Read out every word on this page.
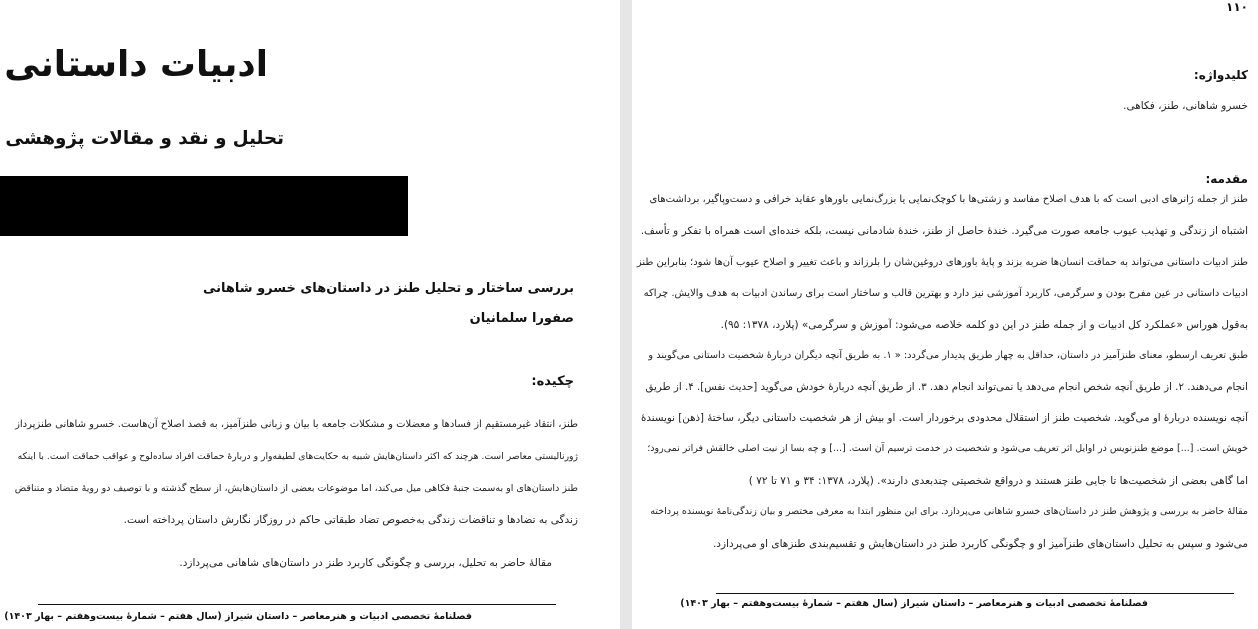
ادبیات داستانی
تحلیل و نقد و مقالات پژوهشی
بررسی ساختار و تحلیل طنز در داستان‌های خسرو شاهانی
صفورا سلمانیان
چکیده:
طنز، انتقاد غیرمستقیم از فسادها و معضلات و مشکلات جامعه با بیان و زبانی طنزآمیز، به قصد اصلاح آن‌هاست. خسرو شاهانی طنزپرداز
ژورنالیستی معاصر است. هرچند که اکثر داستان‌هایش شبیه به حکایت‌های لطیفه‌وار و دربارهٔ حماقت افراد ساده‌لوح و عواقب حماقت است. با اینکه
طنز داستان‌های او به‌سمت جنبهٔ فکاهی میل می‌کند، اما موضوعات بعضی از داستان‌هایش، از سطح گذشته و با توصیف دو رویهٔ متضاد و متناقض
زندگی به تضادها و تناقضات زندگی به‌خصوص تضاد طبقاتی حاکم در روزگار نگارش داستان پرداخته است.
مقالهٔ حاضر به تحلیل، بررسی و چگونگی کاربرد طنز در داستان‌های شاهانی می‌پردازد.
فصلنامهٔ تخصصی ادبیات و هنرمعاصر – داستان شیراز (سال هفتم – شمارهٔ بیست‌وهفتم – بهار ۱۴۰۳)
۱۱۰
کلیدواژه:
خسرو شاهانی، طنز، فکاهی.
مقدمه:
طنز از جمله ژانرهای ادبی است که با هدف اصلاح مفاسد و زشتی‌ها با کوچک‌نمایی یا بزرگ‌نمایی باورهاو عقاید خرافی و دست‌وپاگیر، برداشت‌های
اشتباه از زندگی و تهذیب عیوب جامعه صورت می‌گیرد. خندهٔ حاصل از طنز، خندهٔ شادمانی نیست، بلکه خنده‌ای است همراه با تفکر و تأسف.
طنز ادبیات داستانی می‌تواند به حماقت انسان‌ها ضربه بزند و پایهٔ باورهای دروغین‌شان را بلرزاند و باعث تغییر و اصلاح عیوب آن‌ها شود؛ بنابراین طنز
ادبیات داستانی در عین مفرح بودن و سرگرمی، کاربرد آموزشی نیز دارد و بهترین قالب و ساختار است برای رساندن ادبیات به هدف والایش. چراکه
به‌قول هوراس «عملکرد کل ادبیات و از جمله طنز در این دو کلمه خلاصه می‌شود: آموزش و سرگرمی» (پلارد، ۱۳۷۸: ۹۵).
طبق تعریف ارسطو، معنای طنزآمیز در داستان، حداقل به چهار طریق پدیدار می‌گردد: « ۱. به طریق آنچه دیگران دربارهٔ شخصیت داستانی می‌گویند و
انجام می‌دهند. ۲. از طریق آنچه شخص انجام می‌دهد یا نمی‌تواند انجام دهد. ۳. از طریق آنچه دربارهٔ خودش می‌گوید [حدیث نفس]. ۴. از طریق
آنچه نویسنده دربارهٔ او می‌گوید. شخصیت طنز از استقلال محدودی برخوردار است. او بیش از هر شخصیت داستانی دیگر، ساختهٔ [ذهن] نویسندهٔ
خویش است. [...] موضع طنزنویس در اوایل اثر تعریف می‌شود و شخصیت در خدمت ترسیم آن است. [...] و چه بسا از نیت اصلی خالقش فراتر نمی‌رود؛
اما گاهی بعضی از شخصیت‌ها تا جایی طنز هستند و درواقع شخصیتی چندبعدی دارند». (پلارد، ۱۳۷۸: ۳۴ و ۷۱ تا ۷۲ )
مقالهٔ حاضر به بررسی و پژوهش طنز در داستان‌های خسرو شاهانی می‌پردازد. برای این منظور ابتدا به معرفی مختصر و بیان زندگی‌نامهٔ نویسنده پرداخته
می‌شود و سپس به تحلیل داستان‌های طنزآمیز او و چگونگی کاربرد طنز در داستان‌هایش و تقسیم‌بندی طنزهای او می‌پردازد.
فصلنامهٔ تخصصی ادبیات و هنرمعاصر – داستان شیراز (سال هفتم – شمارهٔ بیست‌وهفتم – بهار ۱۴۰۳)
